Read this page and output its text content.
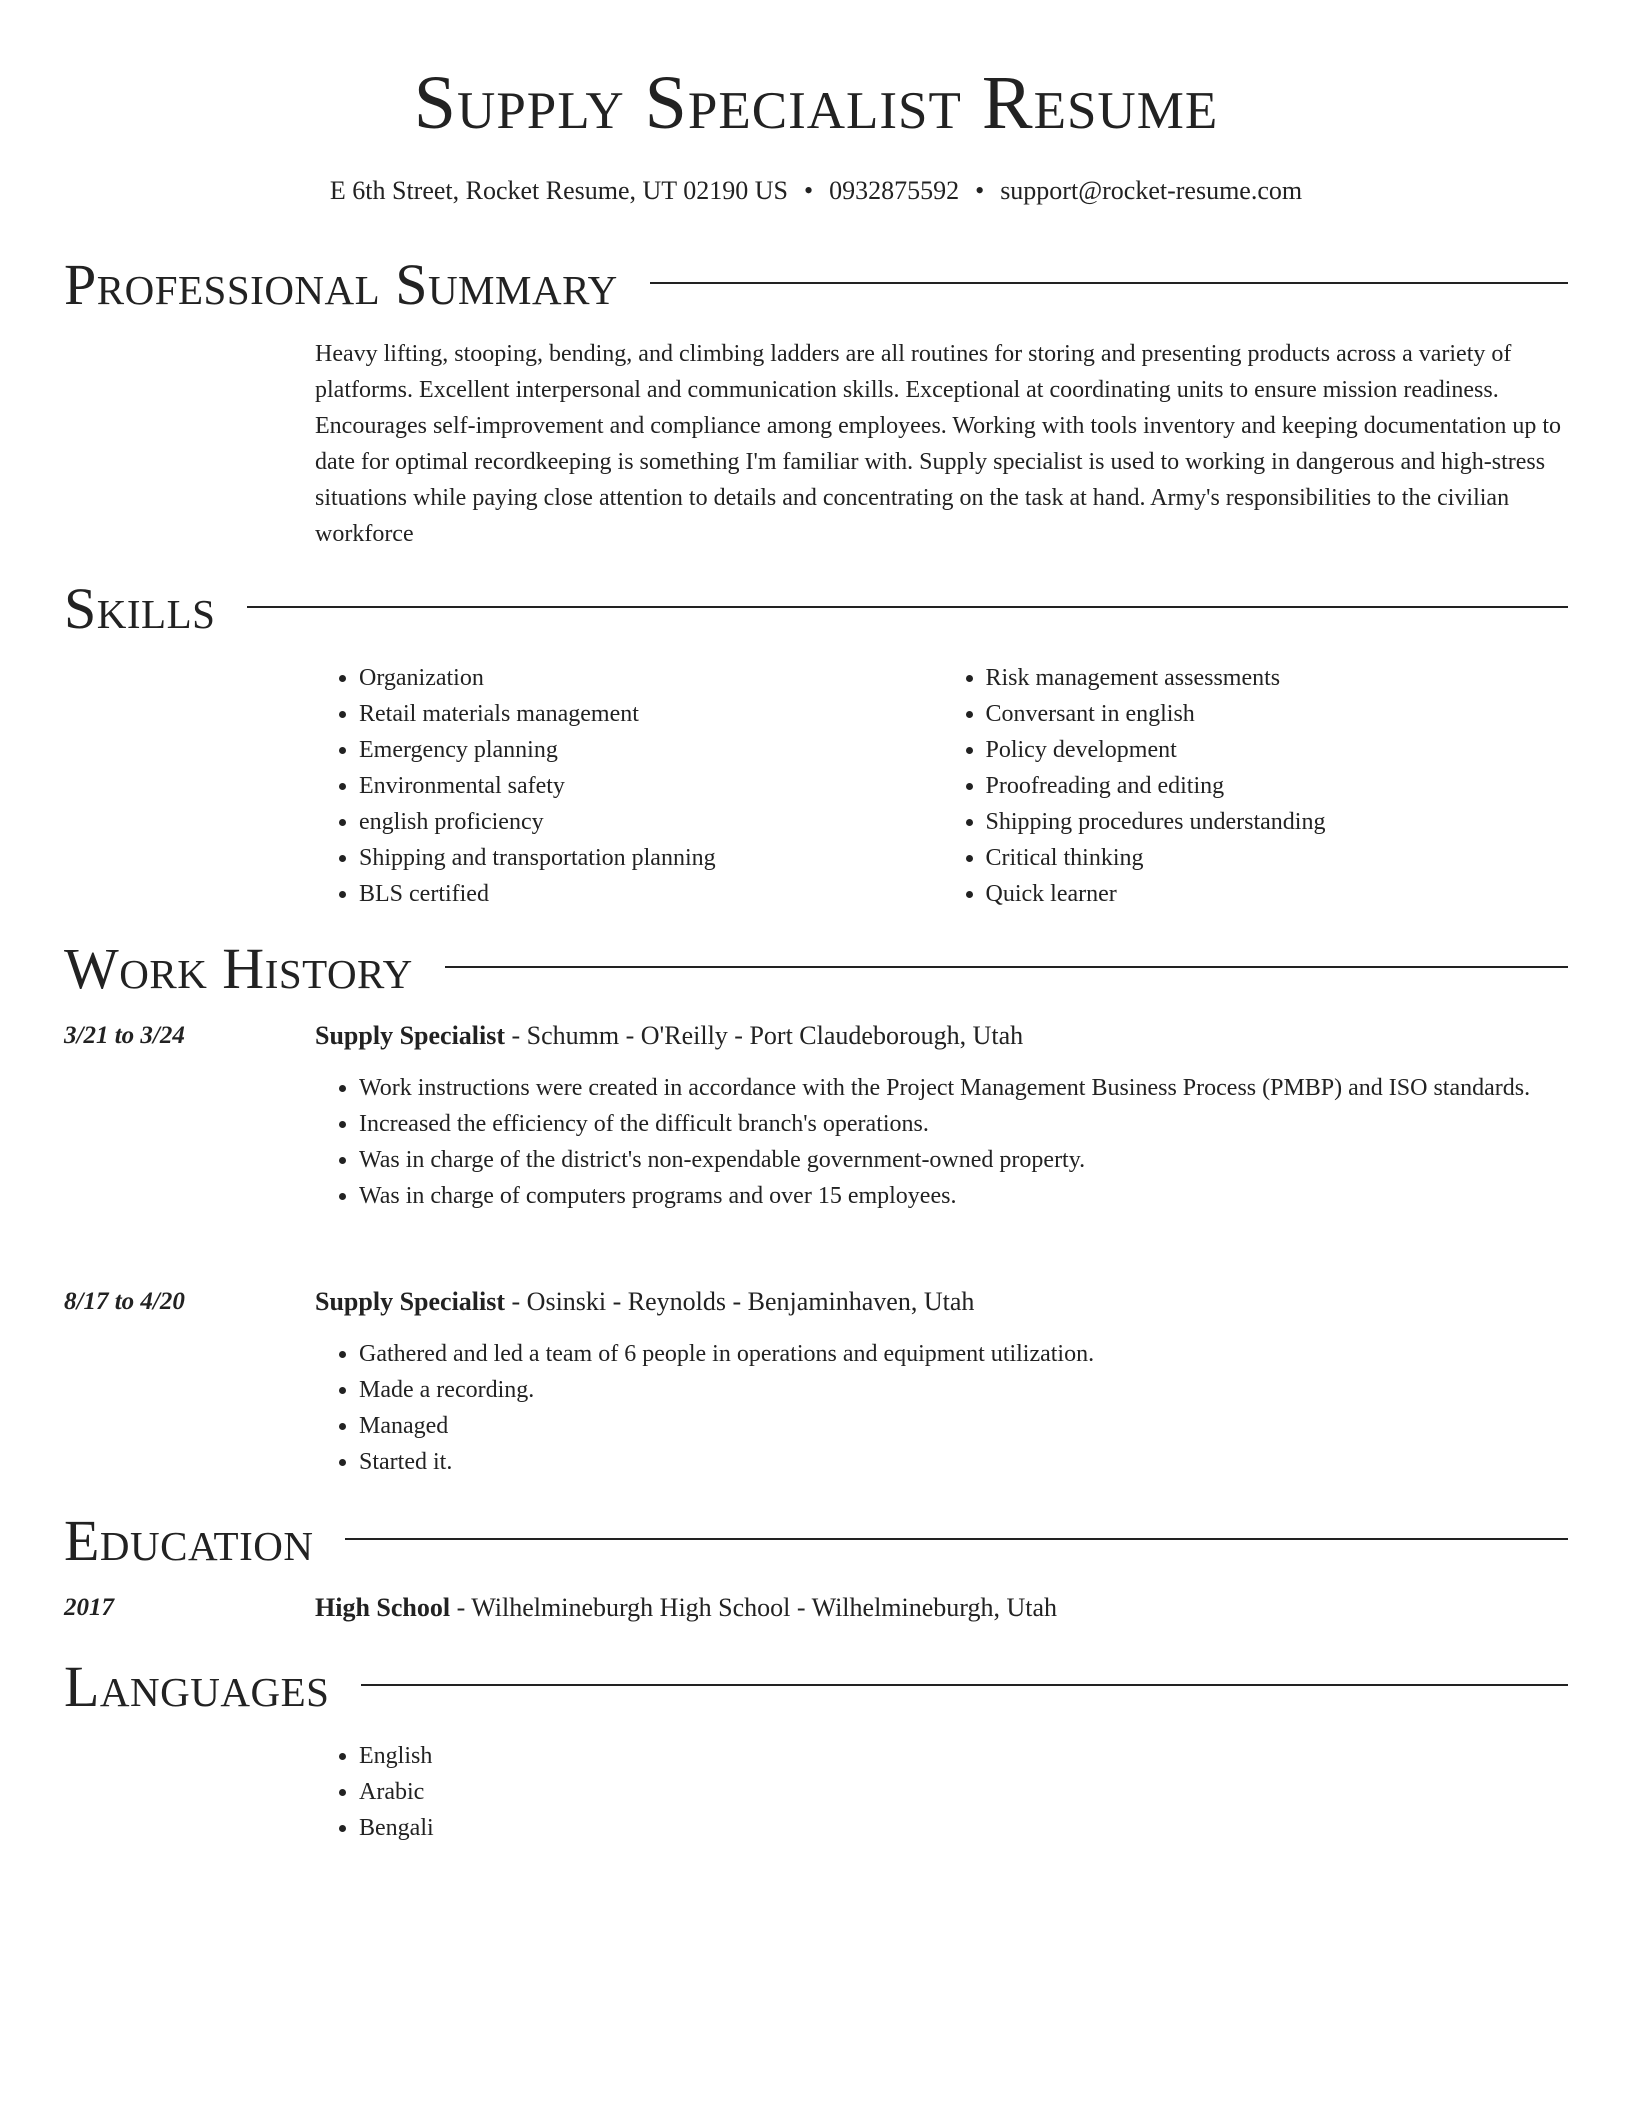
Supply Specialist Resume
E 6th Street, Rocket Resume, UT 02190 US • 0932875592 • support@rocket-resume.com
Professional Summary

Heavy lifting, stooping, bending, and climbing ladders are all routines for storing and presenting products across a variety of platforms. Excellent interpersonal and communication skills. Exceptional at coordinating units to ensure mission readiness. Encourages self-improvement and compliance among employees. Working with tools inventory and keeping documentation up to date for optimal recordkeeping is something I'm familiar with. Supply specialist is used to working in dangerous and high-stress situations while paying close attention to details and concentrating on the task at hand. Army's responsibilities to the civilian workforce

Skills
• Organization
• Retail materials management
• Emergency planning
• Environmental safety
• english proficiency
• Shipping and transportation planning
• BLS certified
• Risk management assessments
• Conversant in english
• Policy development
• Proofreading and editing
• Shipping procedures understanding
• Critical thinking
• Quick learner
Work History
3/21 to 3/24	Supply Specialist - Schumm - O'Reilly - Port Claudeborough, Utah
• Work instructions were created in accordance with the Project Management Business Process (PMBP) and ISO standards.
• Increased the efficiency of the difficult branch's operations.
• Was in charge of the district's non-expendable government-owned property.
• Was in charge of computers programs and over 15 employees.
8/17 to 4/20	Supply Specialist - Osinski - Reynolds - Benjaminhaven, Utah
• Gathered and led a team of 6 people in operations and equipment utilization.
• Made a recording.
• Managed
• Started it.
Education
2017	High School - Wilhelmineburgh High School - Wilhelmineburgh, Utah
Languages
• English
• Arabic
• Bengali
